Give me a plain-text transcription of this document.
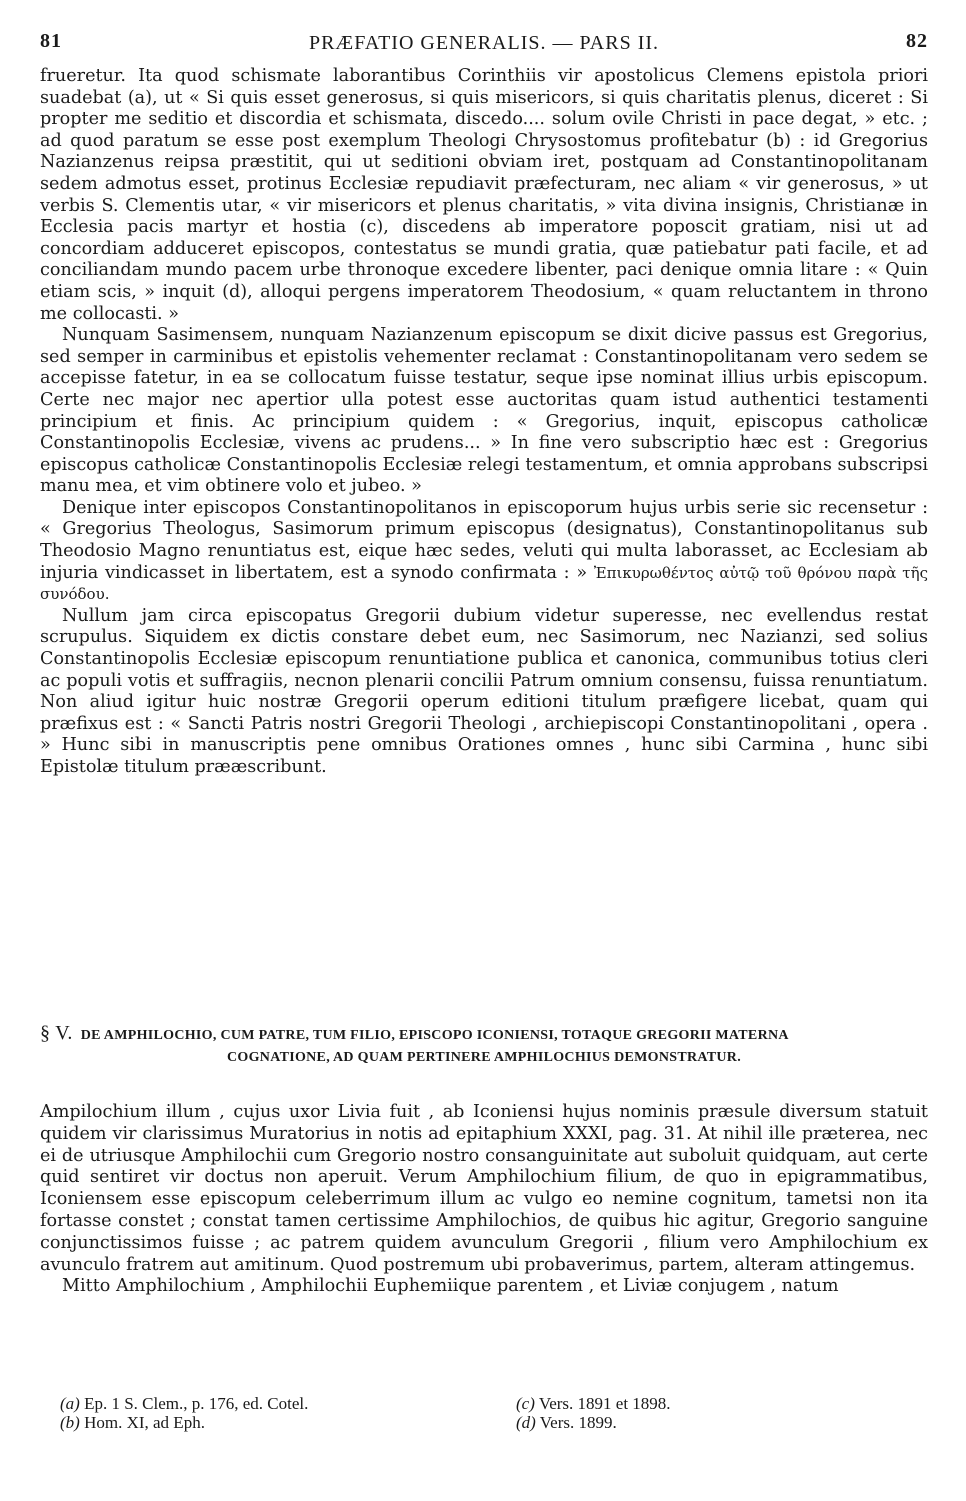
81	PRÆFATIO GENERALIS. — PARS II.	82

frueretur. Ita quod schismate laborantibus Corinthiis vir apostolicus Clemens epistola priori suadebat (a), ut « Si quis esset generosus, si quis misericors, si quis charitatis plenus, diceret : Si propter me seditio et discordia et schismata, discedo.... solum ovile Christi in pace degat, » etc. ; ad quod paratum se esse post exemplum Theologi Chrysostomus profitebatur (b) : id Gregorius Nazianzenus reipsa præstitit, qui ut seditioni obviam iret, postquam ad Constantinopolitanam sedem admotus esset, protinus Ecclesiæ repudiavit præfecturam, nec aliam « vir generosus, » ut verbis S. Clementis utar, « vir misericors et plenus charitatis, » vita divina insignis, Christianæ in Ecclesia pacis martyr et hostia (c), discedens ab imperatore poposcit gratiam, nisi ut ad concordiam adduceret episcopos, contestatus se mundi gratia, quæ patiebatur pati facile, et ad conciliandam mundo pacem urbe thronoque excedere libenter, paci denique omnia litare : « Quin etiam scis, » inquit (d), alloqui pergens imperatorem Theodosium, « quam reluctantem in throno me collocasti. »

Nunquam Sasimensem, nunquam Nazianzenum episcopum se dixit dicive passus est Gregorius, sed semper in carminibus et epistolis vehementer reclamat : Constantinopolitanam vero sedem se accepisse fatetur, in ea se collocatum fuisse testatur, seque ipse nominat illius urbis episcopum. Certe nec major nec apertior ulla potest esse auctoritas quam istud authentici testamenti principium et finis. Ac principium quidem : « Gregorius, inquit, episcopus catholicæ Constantinopolis Ecclesiæ, vivens ac prudens... » In fine vero subscriptio hæc est : Gregorius episcopus catholicæ Constantinopolis Ecclesiæ relegi testamentum, et omnia approbans subscripsi manu mea, et vim obtinere volo et jubeo. »

Denique inter episcopos Constantinopolitanos in episcoporum hujus urbis serie sic recensetur : « Gregorius Theologus, Sasimorum primum episcopus (designatus), Constantinopolitanus sub Theodosio Magno renuntiatus est, eique hæc sedes, veluti qui multa laborasset, ac Ecclesiam ab injuria vindicasset in libertatem, est a synodo confirmata : » Ἐπικυρωθέντος αὐτῷ τοῦ θρόνου παρὰ τῆς συνόδου.

Nullum jam circa episcopatus Gregorii dubium videtur superesse, nec evellendus restat scrupulus. Siquidem ex dictis constare debet eum, nec Sasimorum, nec Nazianzi, sed solius Constantinopolis Ecclesiæ episcopum renuntiatione publica et canonica, communibus totius cleri ac populi votis et suffragiis, necnon plenarii concilii Patrum omnium consensu, fuissa renuntiatum. Non aliud igitur huic nostræ Gregorii operum editioni titulum præfigere licebat, quam qui præfixus est : « Sancti Patris nostri Gregorii Theologi , archiepiscopi Constantinopolitani , opera . » Hunc sibi in manuscriptis pene omnibus Orationes omnes , hunc sibi Carmina , hunc sibi Epistolæ titulum prææscribunt.

§ V. DE AMPHILOCHIO, CUM PATRE, TUM FILIO, EPISCOPO ICONIENSI, TOTAQUE GREGORII MATERNA
COGNATIONE, AD QUAM PERTINERE AMPHILOCHIUS DEMONSTRATUR.

Ampilochium illum , cujus uxor Livia fuit , ab Iconiensi hujus nominis præsule diversum statuit quidem vir clarissimus Muratorius in notis ad epitaphium XXXI, pag. 31. At nihil ille præterea, nec ei de utriusque Amphilochii cum Gregorio nostro consanguinitate aut suboluit quidquam, aut certe quid sentiret vir doctus non aperuit. Verum Amphilochium filium, de quo in epigrammatibus, Iconiensem esse episcopum celeberrimum illum ac vulgo eo nemine cognitum, tametsi non ita fortasse constet ; constat tamen certissime Amphilochios, de quibus hic agitur, Gregorio sanguine conjunctissimos fuisse ; ac patrem quidem avunculum Gregorii , filium vero Amphilochium ex avunculo fratrem aut amitinum. Quod postremum ubi probaverimus, partem, alteram attingemus.

Mitto Amphilochium , Amphilochii Euphemiique parentem , et Liviæ conjugem , natum

(a) Ep. 1 S. Clem., p. 176, ed. Cotel.
(b) Hom. XI, ad Eph.
(c) Vers. 1891 et 1898.
(d) Vers. 1899.
